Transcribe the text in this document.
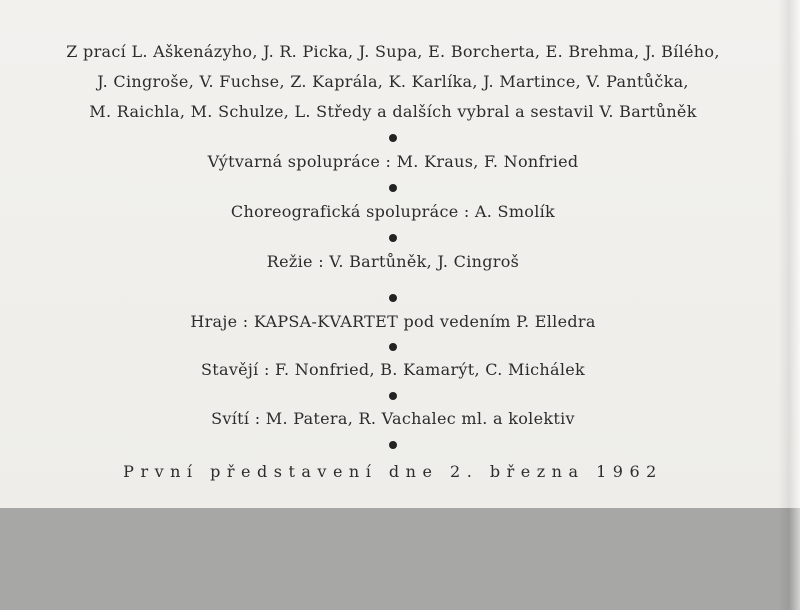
Z prací L. Aškenázyho, J. R. Picka, J. Supa, E. Borcherta, E. Brehma, J. Bílého,
J. Cingroše, V. Fuchse, Z. Kaprála, K. Karlíka, J. Martince, V. Pantůčka,
M. Raichla, M. Schulze, L. Středy a dalších vybral a sestavil V. Bartůněk
Výtvarná spolupráce : M. Kraus, F. Nonfried
Choreografická spolupráce : A. Smolík
Režie : V. Bartůněk, J. Cingroš
Hraje : KAPSA-KVARTET pod vedením P. Elledra
Stavějí : F. Nonfried, B. Kamarýt, C. Michálek
Svítí : M. Patera, R. Vachalec ml. a kolektiv
První představení dne 2. března 1962
